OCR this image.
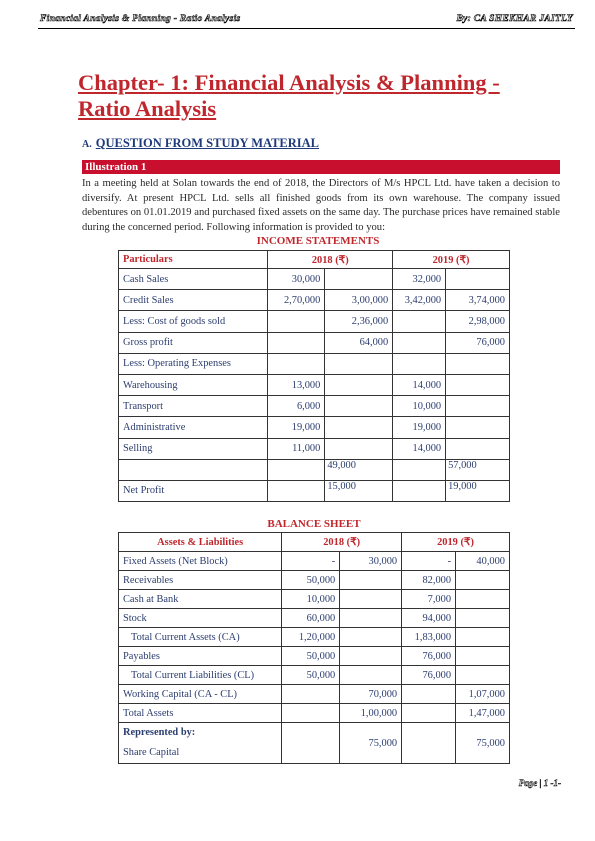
Financial Analysis & Planning - Ratio Analysis	By: CA SHEKHAR JAITLY
Chapter- 1: Financial Analysis & Planning - Ratio Analysis
A. QUESTION FROM STUDY MATERIAL
Illustration 1

In a meeting held at Solan towards the end of 2018, the Directors of M/s HPCL Ltd. have taken a decision to diversify. At present HPCL Ltd. sells all finished goods from its own warehouse. The company issued debentures on 01.01.2019 and purchased fixed assets on the same day. The purchase prices have remained stable during the concerned period. Following information is provided to you:

INCOME STATEMENTS
Particulars	2018 (₹)		2019 (₹)	
Cash Sales	30,000		32,000	
Credit Sales	2,70,000	3,00,000	3,42,000	3,74,000
Less: Cost of goods sold		2,36,000		2,98,000
Gross profit		64,000		76,000
Less: Operating Expenses				
Warehousing	13,000		14,000	
Transport	6,000		10,000	
Administrative	19,000		19,000	
Selling	11,000		14,000	
		49,000		57,000
Net Profit		15,000		19,000
BALANCE SHEET
Assets & Liabilities	2018 (₹)		2019 (₹)	
Fixed Assets (Net Block)	-	30,000	-	40,000
Receivables	50,000		82,000	
Cash at Bank	10,000		7,000	
Stock	60,000		94,000	
Total Current Assets (CA)	1,20,000		1,83,000	
Payables	50,000		76,000	
Total Current Liabilities (CL)	50,000		76,000	
Working Capital (CA - CL)		70,000		1,07,000
Total Assets		1,00,000		1,47,000

Represented by:
Share Capital		75,000		75,000
Page | 1 -1-
